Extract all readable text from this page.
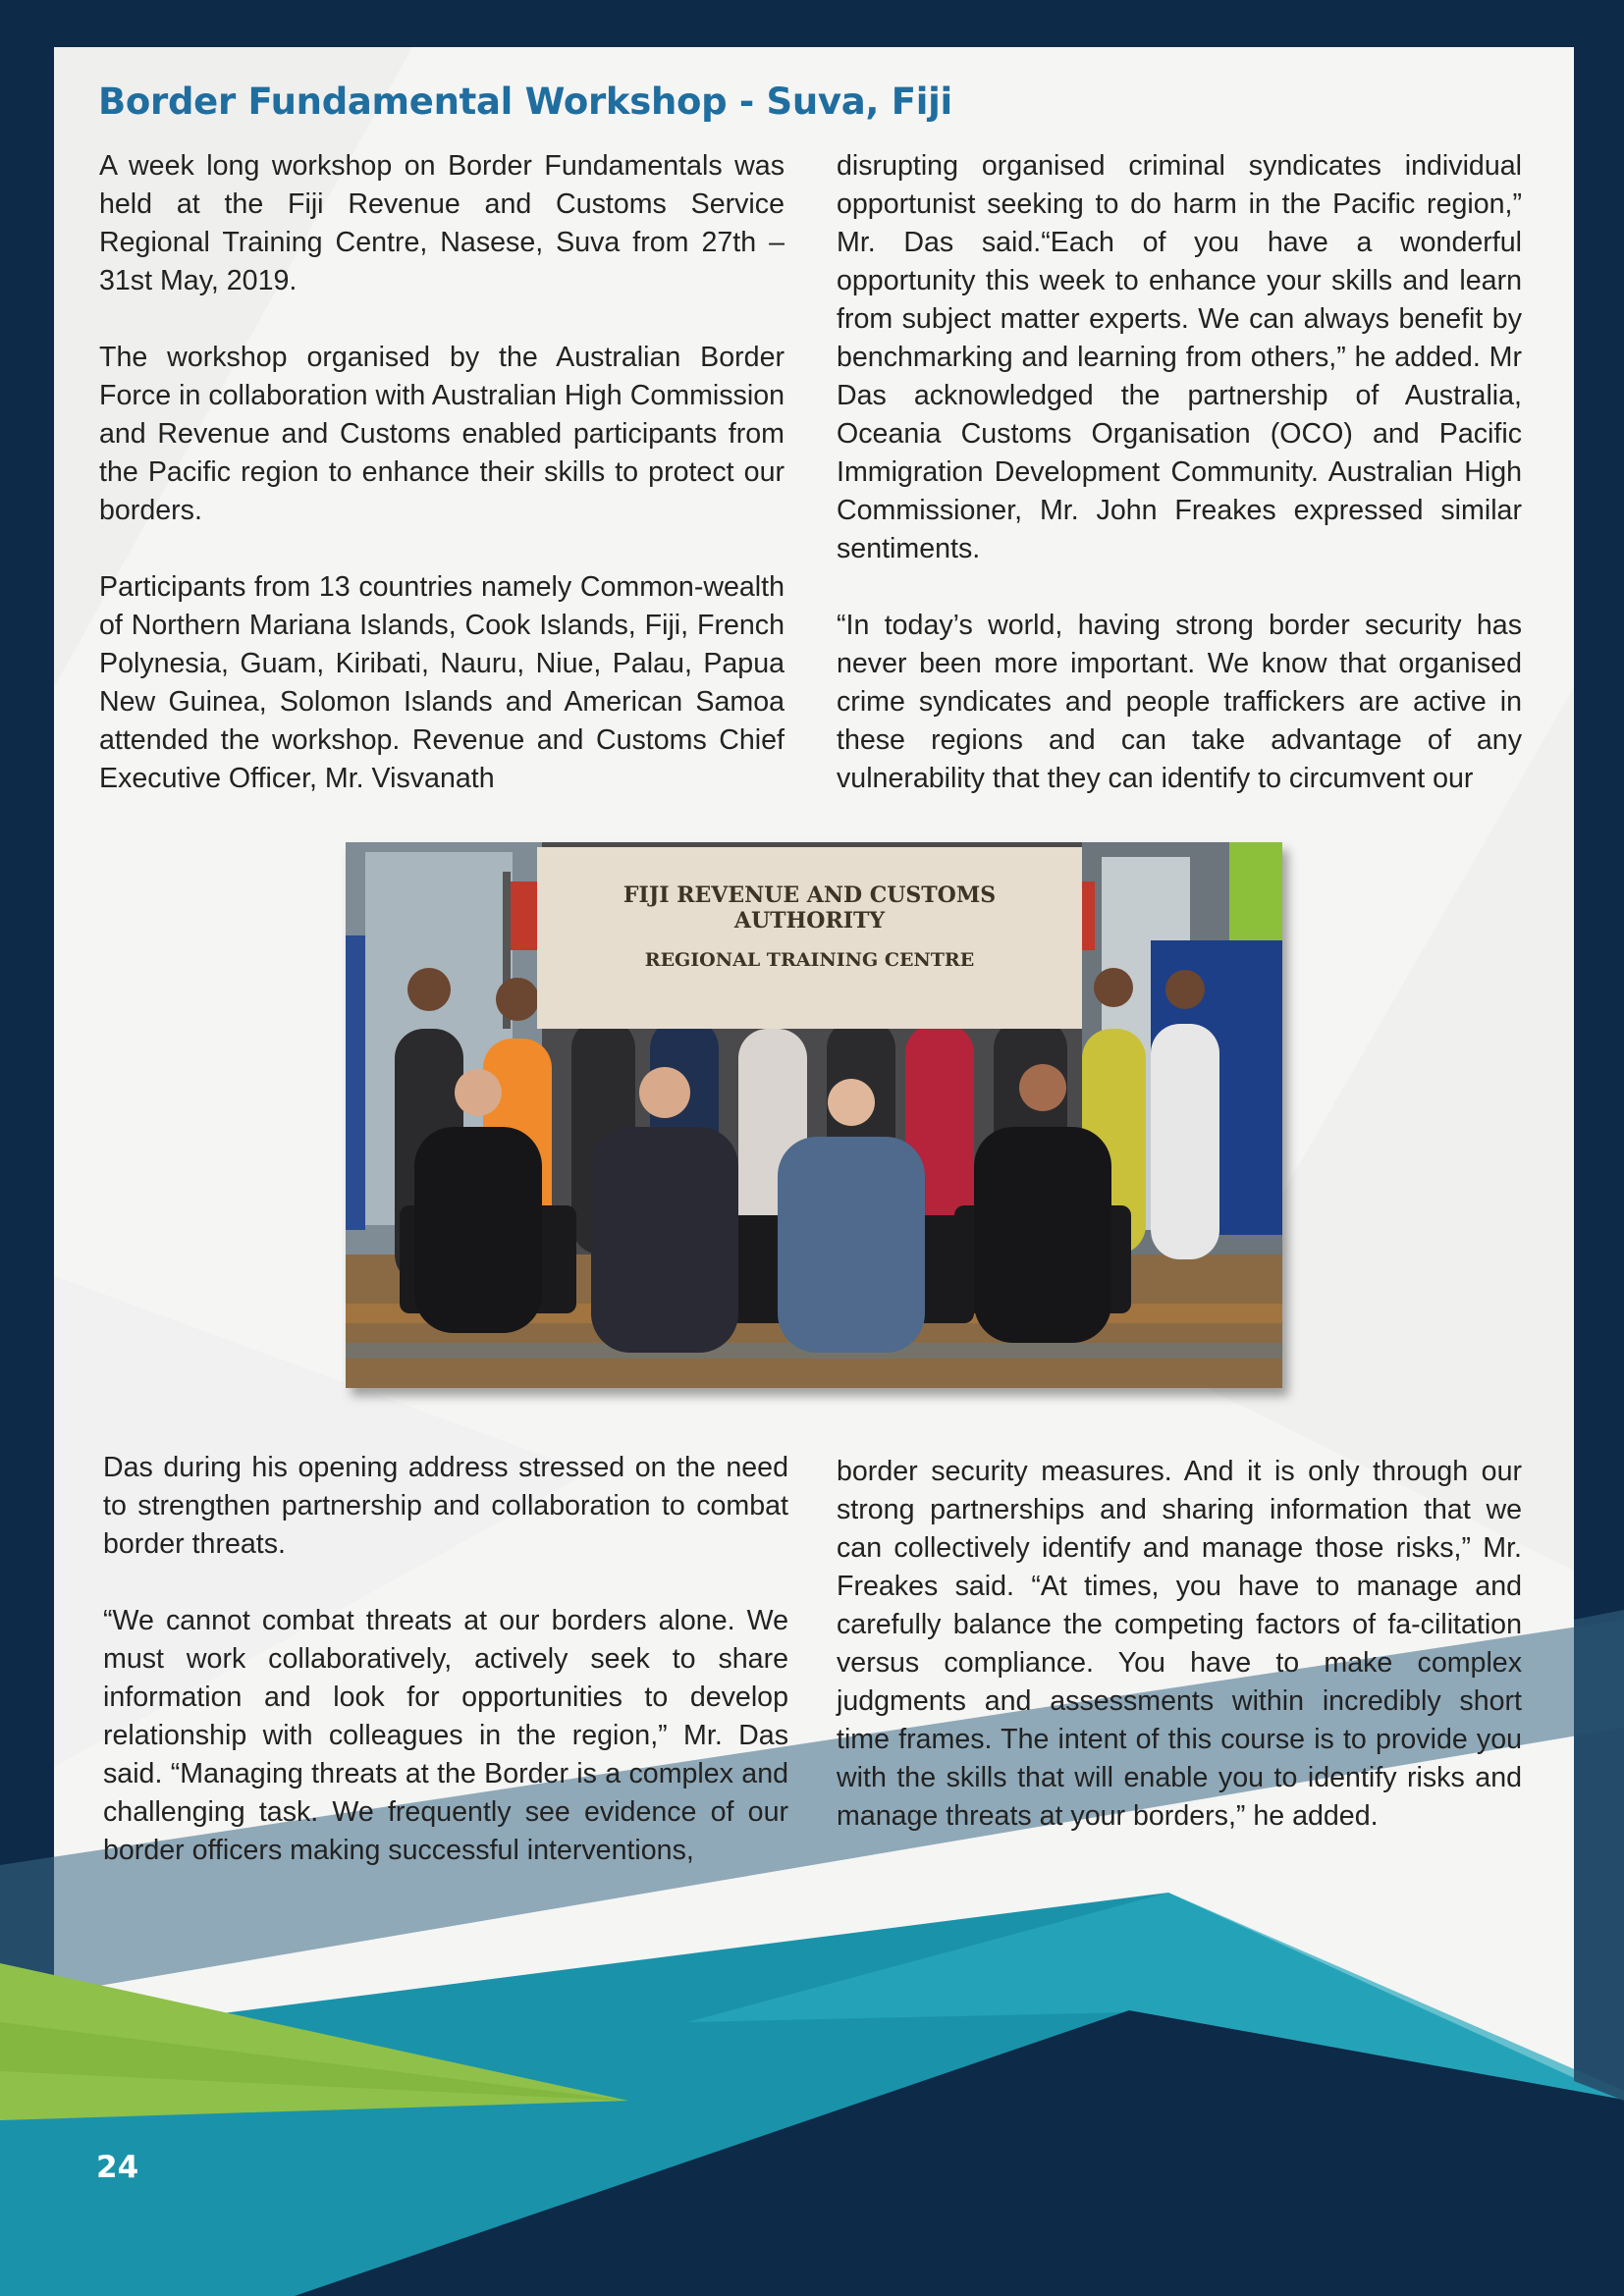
Border Fundamental Workshop - Suva, Fiji

A week long workshop on Border Fundamentals was held at the Fiji Revenue and Customs Service Regional Training Centre, Nasese, Suva from 27th – 31st May, 2019.

The workshop organised by the Australian Border Force in collaboration with Australian High Commission and Revenue and Customs enabled participants from the Pacific region to enhance their skills to protect our borders.

Participants from 13 countries namely Common-wealth of Northern Mariana Islands, Cook Islands, Fiji, French Polynesia, Guam, Kiribati, Nauru, Niue, Palau, Papua New Guinea, Solomon Islands and American Samoa attended the workshop. Revenue and Customs Chief Executive Officer, Mr. Visvanath

disrupting organised criminal syndicates individual opportunist seeking to do harm in the Pacific region,” Mr. Das said.“Each of you have a wonderful opportunity this week to enhance your skills and learn from subject matter experts. We can always benefit by benchmarking and learning from others,” he added. Mr Das acknowledged the partnership of Australia, Oceania Customs Organisation (OCO) and Pacific Immigration Development Community. Australian High Commissioner, Mr. John Freakes expressed similar sentiments.

“In today’s world, having strong border security has never been more important. We know that organised crime syndicates and people traffickers are active in these regions and can take advantage of any vulnerability that they can identify to circumvent our

FIJI REVENUE AND CUSTOMS AUTHORITY
REGIONAL TRAINING CENTRE

Das during his opening address stressed on the need to strengthen partnership and collaboration to combat border threats.

“We cannot combat threats at our borders alone. We must work collaboratively, actively seek to share information and look for opportunities to develop relationship with colleagues in the region,” Mr. Das said. “Managing threats at the Border is a complex and challenging task. We frequently see evidence of our border officers making successful interventions,

border security measures. And it is only through our strong partnerships and sharing information that we can collectively identify and manage those risks,” Mr. Freakes said. “At times, you have to manage and carefully balance the competing factors of fa-cilitation versus compliance. You have to make complex judgments and assessments within incredibly short time frames. The intent of this course is to provide you with the skills that will enable you to identify risks and manage threats at your borders,” he added.

24
